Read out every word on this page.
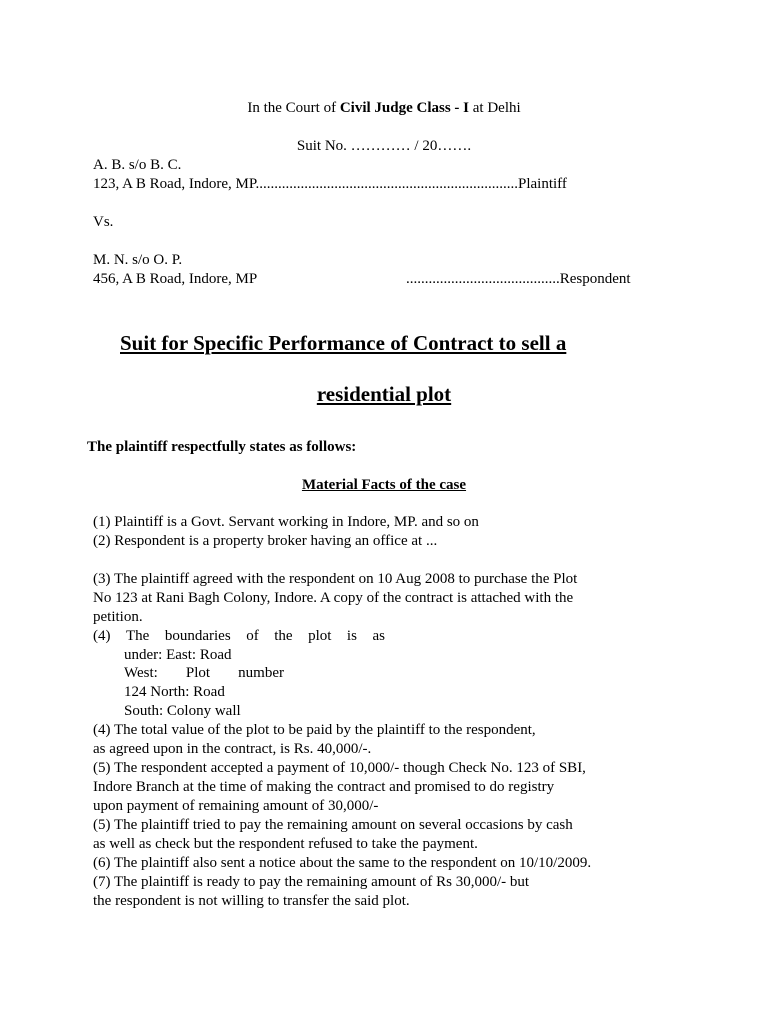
In the Court of Civil Judge Class - I at Delhi
Suit No. ………… / 20…….
A. B. s/o B. C.
123, A B Road, Indore, MP......................................................................Plaintiff
Vs.
M. N. s/o O. P.
456, A B Road, Indore, MP	.........................................Respondent
Suit for Specific Performance of Contract to sell a
residential plot
The plaintiff respectfully states as follows:
Material Facts of the case
(1) Plaintiff is a Govt. Servant working in Indore, MP. and so on
(2) Respondent is a property broker having an office at ...
(3) The plaintiff agreed with the respondent on 10 Aug 2008 to purchase the Plot
No 123 at Rani Bagh Colony, Indore. A copy of the contract is attached with the
petition.
(4) The boundaries of the plot is as
under: East: Road
West: Plot number
124 North: Road
South: Colony wall
(4) The total value of the plot to be paid by the plaintiff to the respondent,
as agreed upon in the contract, is Rs. 40,000/-.
(5) The respondent accepted a payment of 10,000/- though Check No. 123 of SBI,
Indore Branch at the time of making the contract and promised to do registry
upon payment of remaining amount of 30,000/-
(5) The plaintiff tried to pay the remaining amount on several occasions by cash
as well as check but the respondent refused to take the payment.
(6) The plaintiff also sent a notice about the same to the respondent on 10/10/2009.
(7) The plaintiff is ready to pay the remaining amount of Rs 30,000/- but
the respondent is not willing to transfer the said plot.
